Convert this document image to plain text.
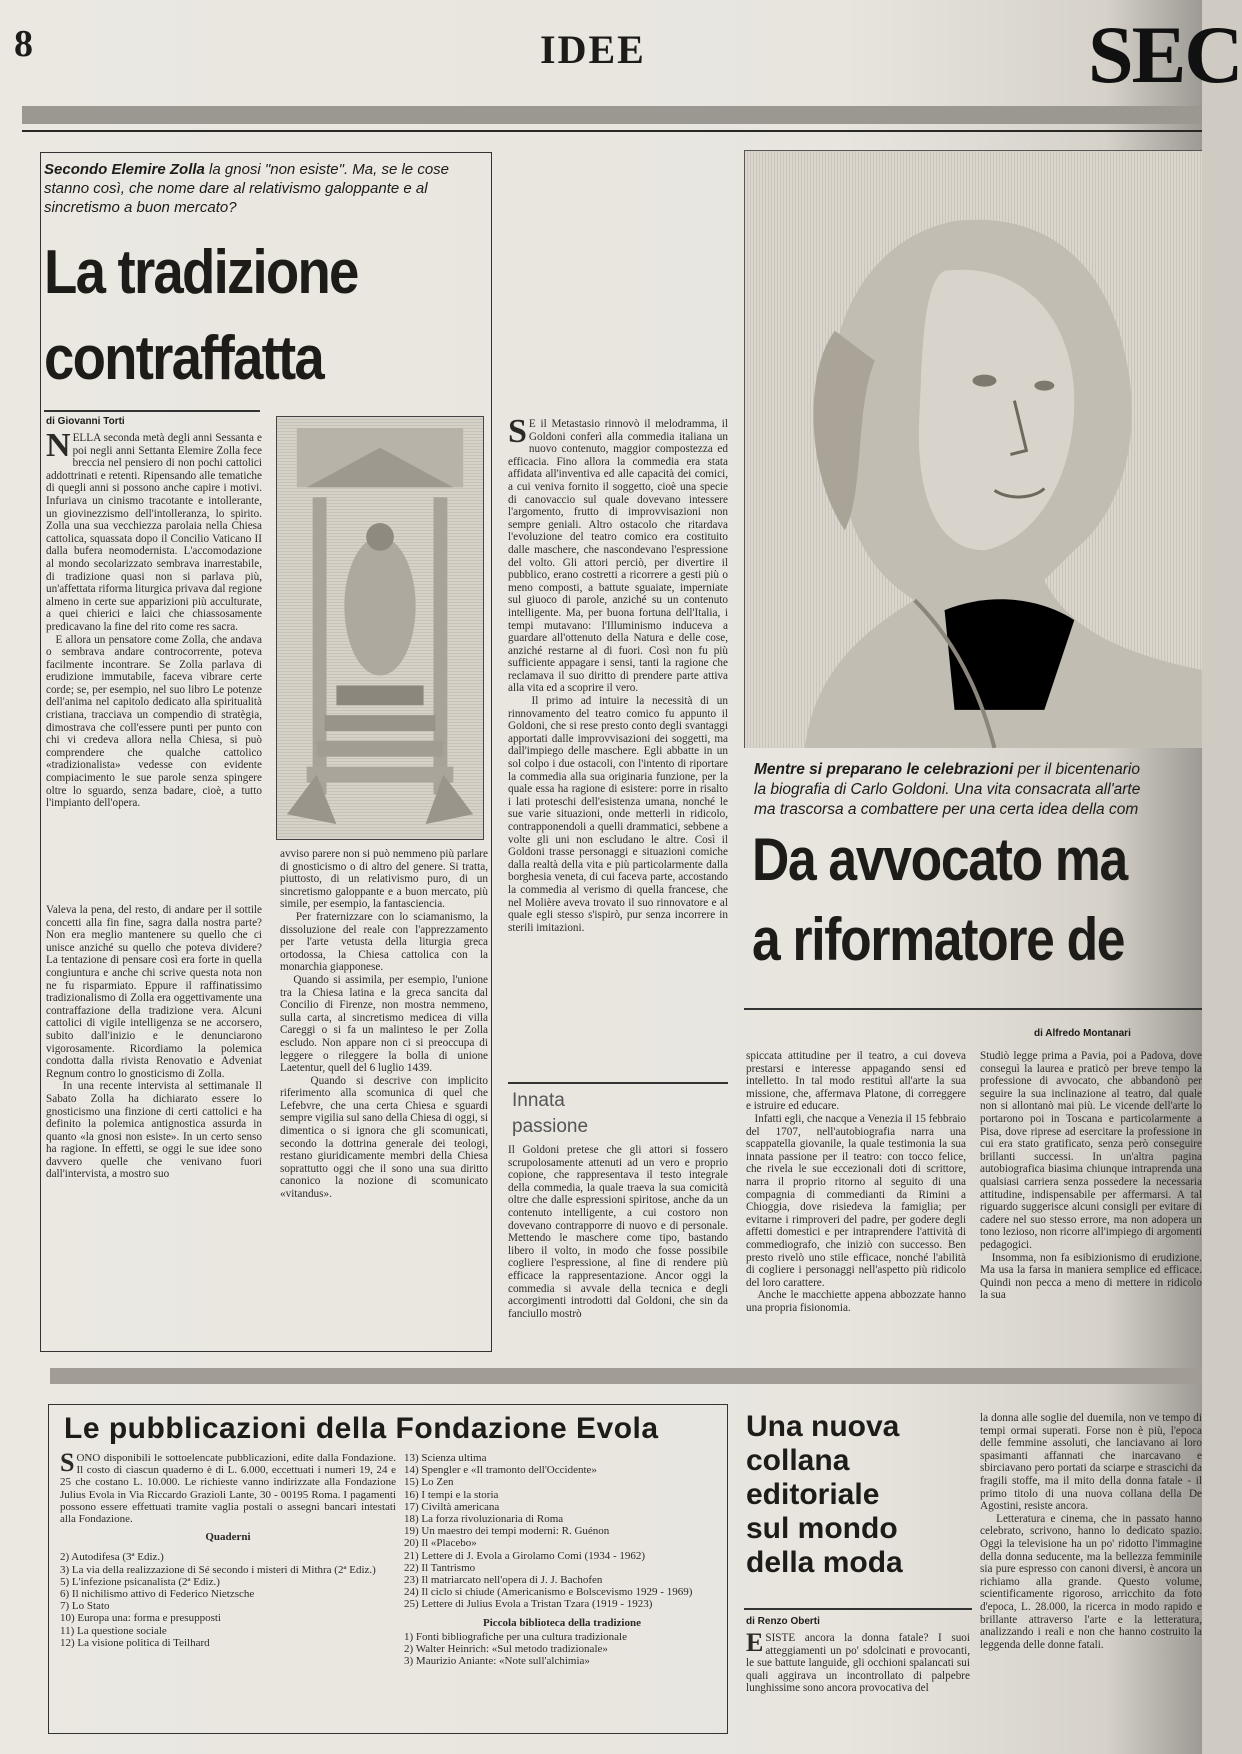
8	IDEE	SEC
Secondo Elemire Zolla la gnosi "non esiste". Ma, se le cose stanno così, che nome dare al relativismo galoppante e al sincretismo a buon mercato?
La tradizione
contraffatta
di Giovanni Torti
NELLA seconda metà degli anni Sessanta e poi negli anni Settanta Elemire Zolla fece breccia nel pensiero di non pochi cattolici addottrinati e retenti. Ripensando alle tematiche di quegli anni si possono anche capire i motivi. Infuriava un cinismo tracotante e intollerante, un giovinezzismo dell'intolleranza, lo spirito. Zolla una sua vecchiezza parolaia nella Chiesa cattolica, squassata dopo il Concilio Vaticano II dalla bufera neomodernista. L'accomodazione al mondo secolarizzato sembrava inarrestabile, di tradizione quasi non si parlava più, un'affettata riforma liturgica privava dal regione almeno in certe sue apparizioni più acculturate, a quei chierici e laici che chiassosamente predicavano la fine del rito come res sacra.
E allora un pensatore come Zolla, che andava o sembrava andare controcorrente, poteva facilmente incontrare. Se Zolla parlava di erudizione immutabile, faceva vibrare certe corde; se, per esempio, nel suo libro Le potenze dell'anima nel capitolo dedicato alla spiritualità cristiana, tracciava un compendio di stratègia, dimostrava che coll'essere punti per punto con chi vi credeva allora nella Chiesa, si può comprendere che qualche cattolico «tradizionalista» vedesse con evidente compiacimento le sue parole senza spingere oltre lo sguardo, senza badare, cioè, a tutto l'impianto dell'opera.
Valeva la pena, del resto, di andare per il sottile concetti alla fin fine, sagra dalla nostra parte? Non era meglio mantenere su quello che ci unisce anziché su quello che poteva dividere? La tentazione di pensare così era forte in quella congiuntura e anche chi scrive questa nota non ne fu risparmiato. Eppure il raffinatissimo tradizionalismo di Zolla era oggettivamente una contraffazione della tradizione vera. Alcuni cattolici di vigile intelligenza se ne accorsero, subito dall'inizio e le denunciarono vigorosamente. Ricordiamo la polemica condotta dalla rivista Renovatio e Adveniat Regnum contro lo gnosticismo di Zolla.
In una recente intervista al settimanale Il Sabato Zolla ha dichiarato essere lo gnosticismo una finzione di certi cattolici e ha definito la polemica antignostica assurda in quanto «la gnosi non esiste». In un certo senso ha ragione. In effetti, se oggi le sue idee sono davvero quelle che venivano fuori dall'intervista, a mostro suo
avviso parere non si può nemmeno più parlare di gnosticismo o di altro del genere. Si tratta, piuttosto, di un relativismo puro, di un sincretismo galoppante e a buon mercato, più simile, per esempio, la fantasciencia.
Per fraternizzare con lo sciamanismo, la dissoluzione del reale con l'apprezzamento per l'arte vetusta della liturgia greca ortodossa, la Chiesa cattolica con la monarchia giapponese.
Quando si assimila, per esempio, l'unione tra la Chiesa latina e la greca sancita dal Concilio di Firenze, non mostra nemmeno, sulla carta, al sincretismo medicea di villa Careggi o si fa un malinteso le per Zolla escludo. Non appare non ci si preoccupa di leggere o rileggere la bolla di unione Laetentur, quell del 6 luglio 1439.
Quando si descrive con implicito riferimento alla scomunica di quel che Lefebvre, che una certa Chiesa e sguardi sempre vigilia sul sano della Chiesa di oggi, si dimentica o si ignora che gli scomunicati, secondo la dottrina generale dei teologi, restano giuridicamente membri della Chiesa soprattutto oggi che il sono una sua diritto canonico la nozione di scomunicato «vitandus».
S E il Metastasio rinnovò il melodramma, il Goldoni conferì alla commedia italiana un nuovo contenuto, maggior compostezza ed efficacia. Fino allora la commedia era stata affidata all'inventiva ed alle capacità dei comici, a cui veniva fornito il soggetto, cioè una specie di canovaccio sul quale dovevano intessere l'argomento, frutto di improvvisazioni non sempre geniali. Altro ostacolo che ritardava l'evoluzione del teatro comico era costituito dalle maschere, che nascondevano l'espressione del volto. Gli attori perciò, per divertire il pubblico, erano costretti a ricorrere a gesti più o meno composti, a battute sguaiate, imperniate sul giuoco di parole, anziché su un contenuto intelligente. Ma, per buona fortuna dell'Italia, i tempi mutavano: l'Illuminismo induceva a guardare all'ottenuto della Natura e delle cose, anziché restarne al di fuori. Così non fu più sufficiente appagare i sensi, tanti la ragione che reclamava il suo diritto di prendere parte attiva alla vita ed a scoprire il vero.
Il primo ad intuire la necessità di un rinnovamento del teatro comico fu appunto il Goldoni, che si rese presto conto degli svantaggi apportati dalle improvvisazioni dei soggetti, ma dall'impiego delle maschere. Egli abbatte in un sol colpo i due ostacoli, con l'intento di riportare la commedia alla sua originaria funzione, per la quale essa ha ragione di esistere: porre in risalto i lati proteschi dell'esistenza umana, nonché le sue varie situazioni, onde metterli in ridicolo, contrapponendoli a quelli drammatici, sebbene a volte gli uni non escludano le altre. Così il Goldoni trasse personaggi e situazioni comiche dalla realtà della vita e più particolarmente dalla borghesia veneta, di cui faceva parte, accostando la commedia al verismo di quella francese, che nel Molière aveva trovato il suo rinnovatore e al quale egli stesso s'ispirò, pur senza incorrere in sterili imitazioni.
Innata
passione
Il Goldoni pretese che gli attori si fossero scrupolosamente attenuti ad un vero e proprio copione, che rappresentava il testo integrale della commedia, la quale traeva la sua comicità oltre che dalle espressioni spiritose, anche da un contenuto intelligente, a cui costoro non dovevano contrapporre di nuovo e di personale. Mettendo le maschere come tipo, bastando libero il volto, in modo che fosse possibile cogliere l'espressione, al fine di rendere più efficace la rappresentazione. Ancor oggi la commedia si avvale della tecnica e degli accorgimenti introdotti dal Goldoni, che sin da fanciullo mostrò
Mentre si preparano le celebrazioni per il bicentenario
la biografia di Carlo Goldoni. Una vita consacrata all'arte
ma trascorsa a combattere per una certa idea della com
Da avvocato ma
a riformatore de
di Alfredo Montanari
spiccata attitudine per il teatro, a cui doveva prestarsi e interesse appagando sensi ed intelletto. In tal modo restituì all'arte la sua missione, che, affermava Platone, di correggere e istruire ed educare.
Infatti egli, che nacque a Venezia il 15 febbraio del 1707, nell'autobiografia narra una scappatella giovanile, la quale testimonia la sua innata passione per il teatro: con tocco felice, che rivela le sue eccezionali doti di scrittore, narra il proprio ritorno al seguito di una compagnia di commedianti da Rimini a Chioggia, dove risiedeva la famiglia; per evitarne i rimproveri del padre, per godere degli affetti domestici e per intraprendere l'attività di commediografo, che iniziò con successo. Ben presto rivelò uno stile efficace, nonché l'abilità di cogliere i personaggi nell'aspetto più ridicolo del loro carattere.
Anche le macchiette appena abbozzate hanno una propria fisionomia.
Studiò legge prima a Pavia, poi a Padova, dove conseguì la laurea e praticò per breve tempo la professione di avvocato, che abbandonò per seguire la sua inclinazione al teatro, dal quale non si allontanò mai più. Le vicende dell'arte lo portarono poi in Toscana e particolarmente a Pisa, dove riprese ad esercitare la professione in cui era stato gratificato, senza però conseguire brillanti successi. In un'altra pagina autobiografica biasima chiunque intraprenda una qualsiasi carriera senza possedere la necessaria attitudine, indispensabile per affermarsi. A tal riguardo suggerisce alcuni consigli per evitare di cadere nel suo stesso errore, ma non adopera un tono lezioso, non ricorre all'impiego di argomenti pedagogici.
Insomma, non fa esibizionismo di erudizione. Ma usa la farsa in maniera semplice ed efficace. Quindi non pecca a meno di mettere in ridicolo la sua
Le pubblicazioni della Fondazione Evola
SONO disponibili le sottoelencate pubblicazioni, edite dalla Fondazione. Il costo di ciascun quaderno è di L. 6.000, eccettuati i numeri 19, 24 e 25 che costano L. 10.000. Le richieste vanno indirizzate alla Fondazione Julius Evola in Via Riccardo Grazioli Lante, 30 - 00195 Roma. I pagamenti possono essere effettuati tramite vaglia postali o assegni bancari intestati alla Fondazione.
Quaderni
2) Autodifesa (3ª Ediz.)
3) La via della realizzazione di Sé secondo i misteri di Mithra (2ª Ediz.)
5) L'infezione psicanalista (2ª Ediz.)
6) Il nichilismo attivo di Federico Nietzsche
7) Lo Stato
10) Europa una: forma e presupposti
11) La questione sociale
12) La visione politica di Teilhard
13) Scienza ultima
14) Spengler e «Il tramonto dell'Occidente»
15) Lo Zen
16) I tempi e la storia
17) Civiltà americana
18) La forza rivoluzionaria di Roma
19) Un maestro dei tempi moderni: R. Guénon
20) Il «Placebo»
21) Lettere di J. Evola a Girolamo Comi (1934 - 1962)
22) Il Tantrismo
23) Il matriarcato nell'opera di J. J. Bachofen
24) Il ciclo si chiude (Americanismo e Bolscevismo 1929 - 1969)
25) Lettere di Julius Evola a Tristan Tzara (1919 - 1923)
Piccola biblioteca della tradizione
1) Fonti bibliografiche per una cultura tradizionale
2) Walter Heinrich: «Sul metodo tradizionale»
3) Maurizio Aniante: «Note sull'alchimia»
Una nuova
collana
editoriale
sul mondo
della moda
di Renzo Oberti
ESISTE ancora la donna fatale? I suoi atteggiamenti un po' sdolcinati e provocanti, le sue battute languide, gli occhioni spalancati sui quali aggirava un incontrollato di palpebre lunghissime sono ancora provocativa del
la donna alle soglie del duemila, non ve tempo di tempi ormai superati. Forse non è più, l'epoca delle femmine assoluti, che lanciavano ai loro spasimanti affannati che inarcavano e sbirciavano pero portati da sciarpe e strascichi da fragili stoffe, ma il mito della donna fatale - il primo titolo di una nuova collana della De Agostini, resiste ancora.
Letteratura e cinema, che in passato hanno celebrato, scrivono, hanno lo dedicato spazio. Oggi la televisione ha un po' ridotto l'immagine della donna seducente, ma la bellezza femminile sia pure espresso con canoni diversi, è ancora un richiamo alla grande. Questo volume, scientificamente rigoroso, arricchito da foto d'epoca, L. 28.000, la ricerca in modo rapido e brillante attraverso l'arte e la letteratura, analizzando i reali e non che hanno costruito la leggenda delle donne fatali.
